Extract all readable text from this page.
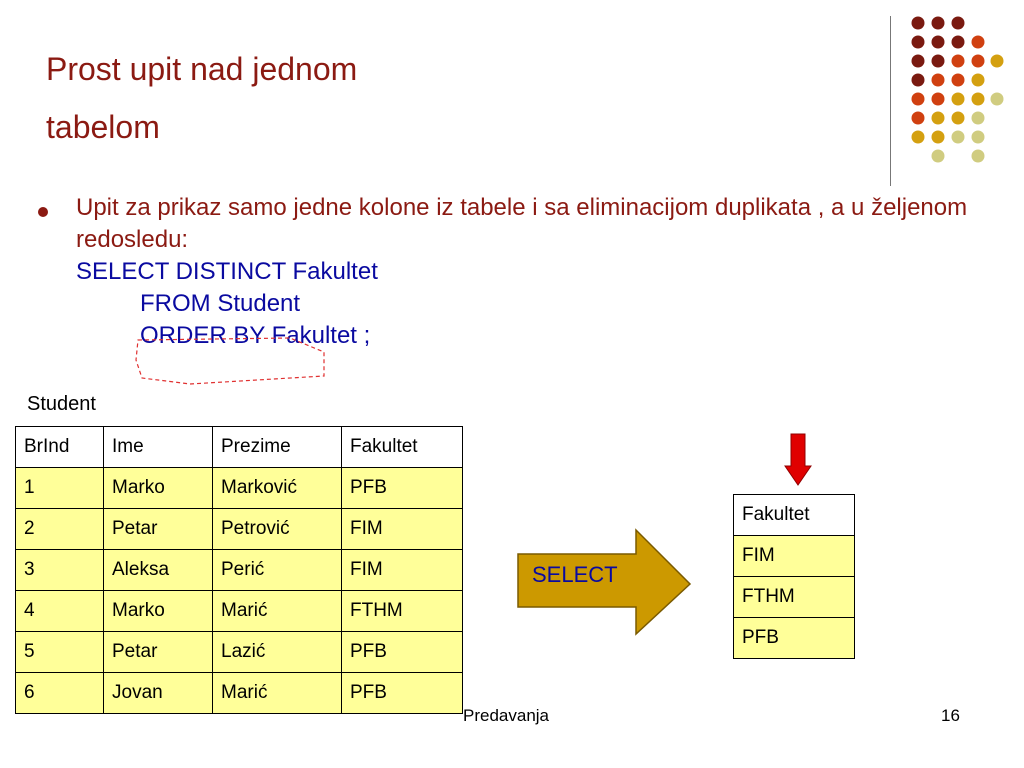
Prost upit nad jednom
tabelom
Upit za prikaz samo jedne kolone iz tabele i sa eliminacijom duplikata , a u željenom redosledu:
SELECT DISTINCT Fakultet
FROM Student
ORDER BY Fakultet ;
Student
BrInd	Ime	Prezime	Fakultet
1	Marko	Marković	PFB
2	Petar	Petrović	FIM
3	Aleksa	Perić	FIM
4	Marko	Marić	FTHM
5	Petar	Lazić	PFB
6	Jovan	Marić	PFB
SELECT
Fakultet
FIM
FTHM
PFB
Predavanja	16
